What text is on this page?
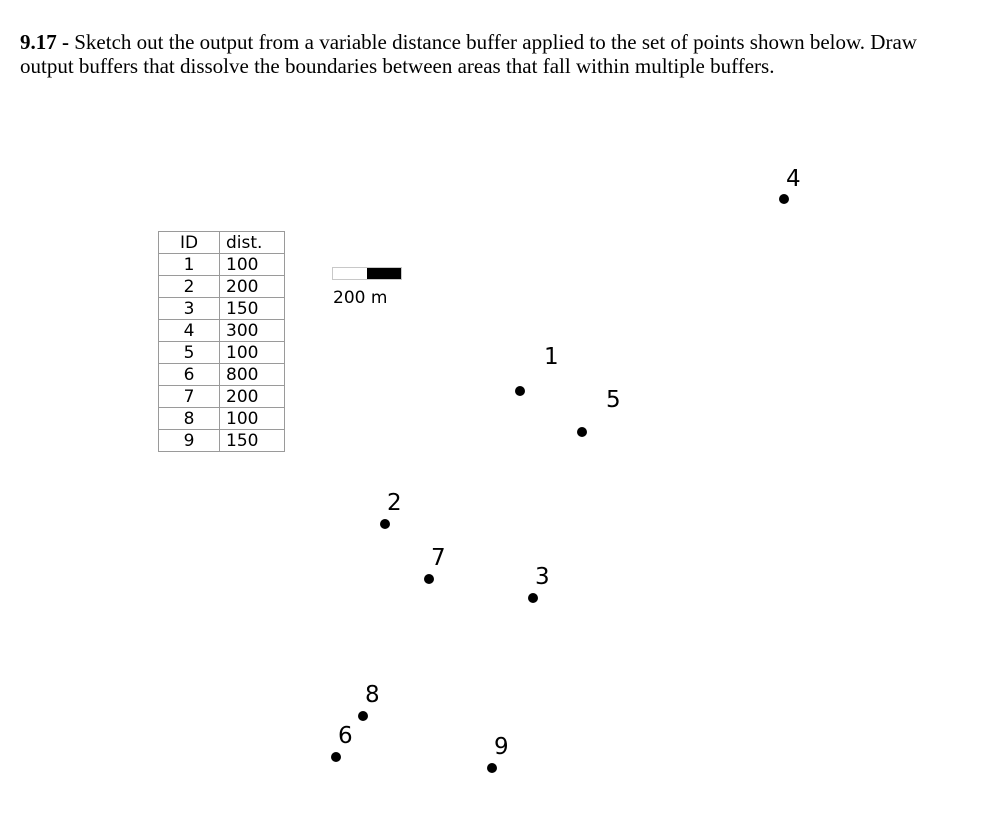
9.17 - Sketch out the output from a variable distance buffer applied to the set of points shown below. Draw output buffers that dissolve the boundaries between areas that fall within multiple buffers.
ID	dist.
1	100
2	200
3	150
4	300
5	100
6	800
7	200
8	100
9	150
200 m
1
2
3
4
5
6
7
8
9
